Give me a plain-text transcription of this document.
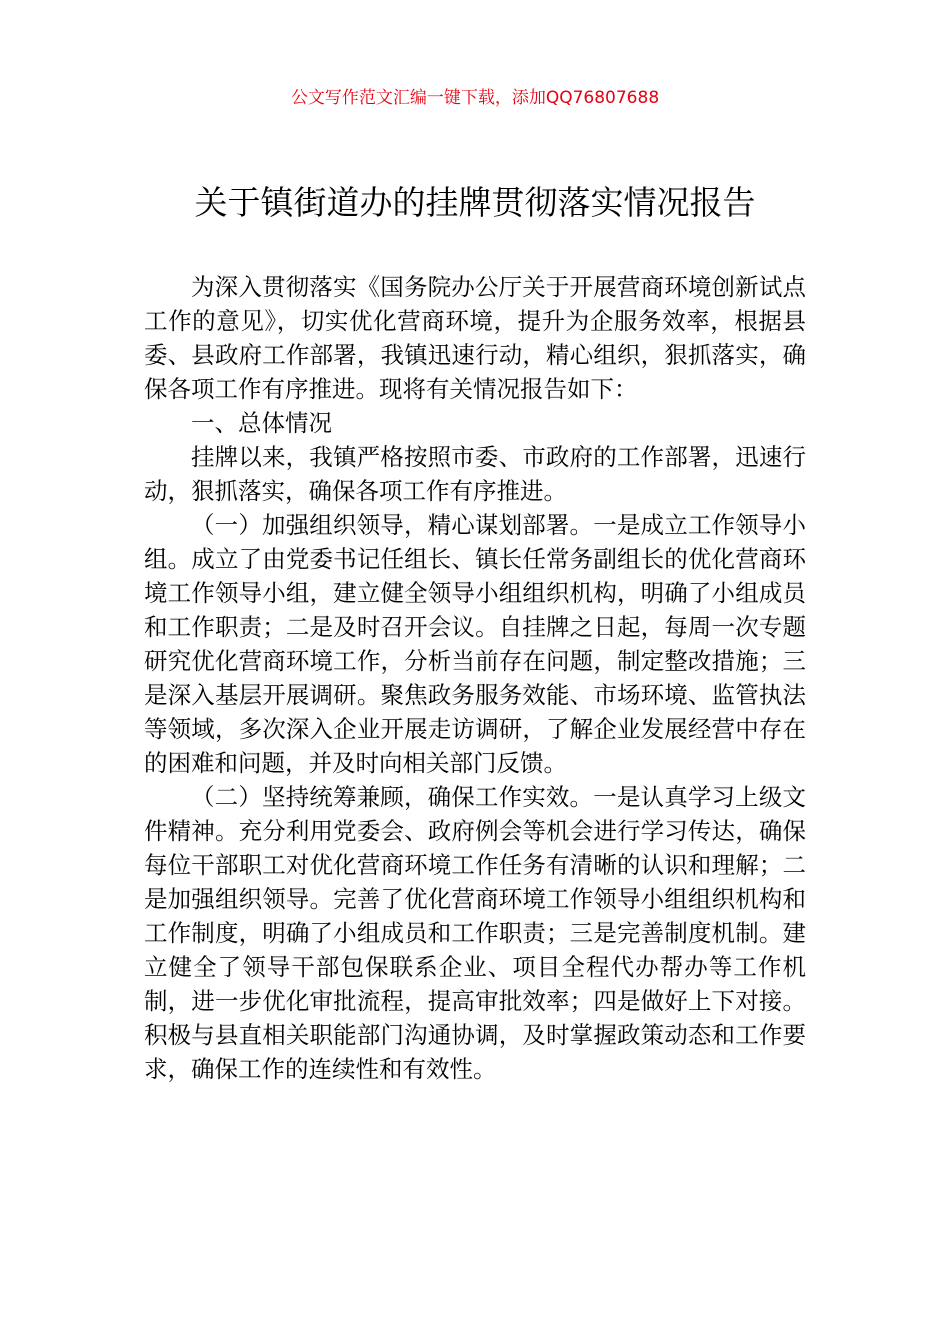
公文写作范文汇编一键下载，添加QQ76807688
关于镇街道办的挂牌贯彻落实情况报告

为深入贯彻落实《国务院办公厅关于开展营商环境创新试点工作的意见》，切实优化营商环境，提升为企服务效率，根据县委、县政府工作部署，我镇迅速行动，精心组织，狠抓落实，确保各项工作有序推进。现将有关情况报告如下：

一、总体情况

挂牌以来，我镇严格按照市委、市政府的工作部署，迅速行动，狠抓落实，确保各项工作有序推进。

（一）加强组织领导，精心谋划部署。一是成立工作领导小组。成立了由党委书记任组长、镇长任常务副组长的优化营商环境工作领导小组，建立健全领导小组组织机构，明确了小组成员和工作职责；二是及时召开会议。自挂牌之日起，每周一次专题研究优化营商环境工作，分析当前存在问题，制定整改措施；三是深入基层开展调研。聚焦政务服务效能、市场环境、监管执法等领域，多次深入企业开展走访调研，了解企业发展经营中存在的困难和问题，并及时向相关部门反馈。

（二）坚持统筹兼顾，确保工作实效。一是认真学习上级文件精神。充分利用党委会、政府例会等机会进行学习传达，确保每位干部职工对优化营商环境工作任务有清晰的认识和理解；二是加强组织领导。完善了优化营商环境工作领导小组组织机构和工作制度，明确了小组成员和工作职责；三是完善制度机制。建立健全了领导干部包保联系企业、项目全程代办帮办等工作机制，进一步优化审批流程，提高审批效率；四是做好上下对接。积极与县直相关职能部门沟通协调，及时掌握政策动态和工作要求，确保工作的连续性和有效性。
